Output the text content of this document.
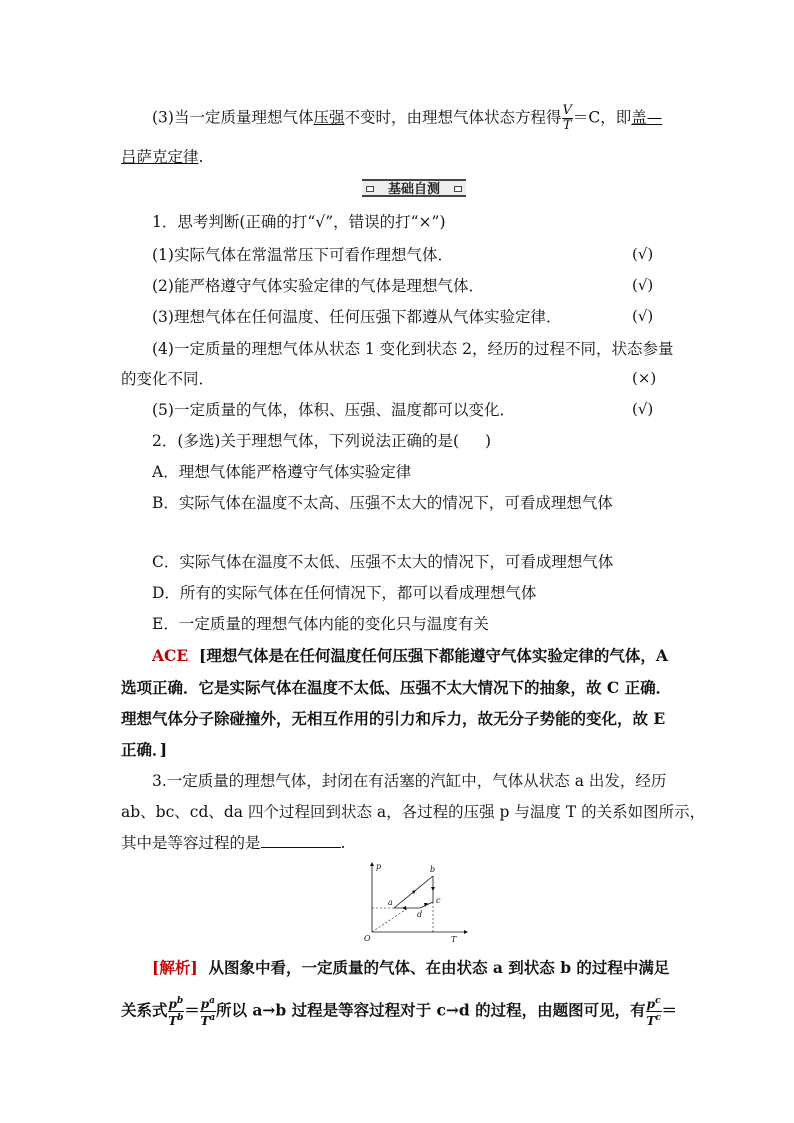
(3)当一定质量理想气体压强不变时，由理想气体状态方程得 $\frac{V}{T} =C$，即盖—
吕萨克定律.
基础自测
1．思考判断(正确的打“√”，错误的打“×”)
(1)实际气体在常温常压下可看作理想气体．	(√)
(2)能严格遵守气体实验定律的气体是理想气体．	(√)
(3)理想气体在任何温度、任何压强下都遵从气体实验定律．	(√)
(4)一定质量的理想气体从状态 1 变化到状态 2，经历的过程不同，状态参量
的变化不同．	(×)
(5)一定质量的气体，体积、压强、温度都可以变化．	(√)
2．(多选)关于理想气体，下列说法正确的是( )
A．理想气体能严格遵守气体实验定律
B．实际气体在温度不太高、压强不太大的情况下，可看成理想气体
C．实际气体在温度不太低、压强不太大的情况下，可看成理想气体
D．所有的实际气体在任何情况下，都可以看成理想气体
E．一定质量的理想气体内能的变化只与温度有关
ACE [理想气体是在任何温度任何压强下都能遵守气体实验定律的气体，A
选项正确．它是实际气体在温度不太低、压强不太大情况下的抽象，故 C 正确．
理想气体分子除碰撞外，无相互作用的引力和斥力，故无分子势能的变化，故 E
正确．]
3.一定质量的理想气体，封闭在有活塞的汽缸中，气体从状态 a 出发，经历
ab、bc、cd、da 四个过程回到状态 a，各过程的压强 p 与温度 T 的关系如图所示，
其中是等容过程的是	.
p
T
O
a
b
c
d
[解析] 从图象中看，一定质量的气体、在由状态 a 到状态 b 的过程中满足
关系式 $\frac{p^b}{T^b} = \frac{p^a}{T^a}$ 所以 a→b 过程是等容过程对于 c→d 的过程，由题图可见，有 $\frac{p^c}{T^c}$ ＝
